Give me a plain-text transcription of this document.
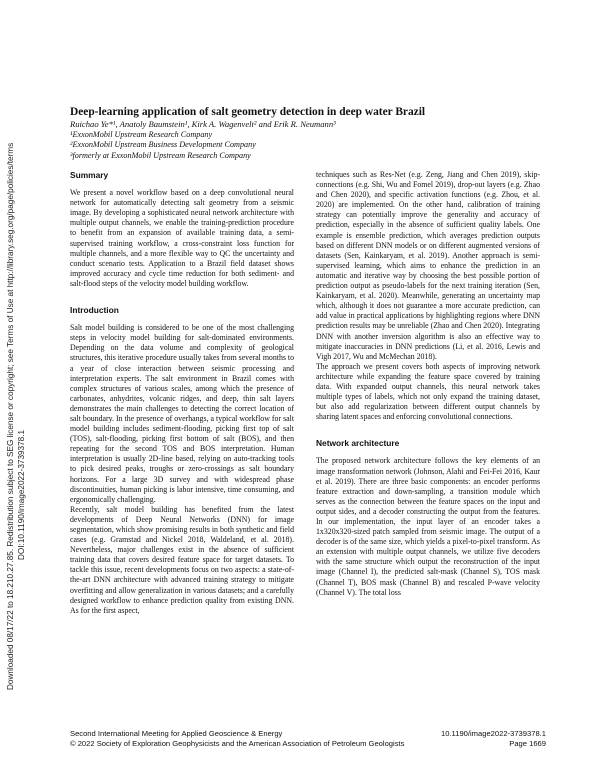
Downloaded 08/17/22 to 18.210.27.85. Redistribution subject to SEG license or copyright; see Terms of Use at http://library.seg.org/page/policies/terms DOI:10.1190/image2022-3739378.1
Deep-learning application of salt geometry detection in deep water Brazil
Ruichao Ye*¹, Anatoly Baumstein¹, Kirk A. Wagenvelt² and Erik R. Neumann³
¹ExxonMobil Upstream Research Company
²ExxonMobil Upstream Business Development Company
³formerly at ExxonMobil Upstream Research Company
Summary

We present a novel workflow based on a deep convolutional neural network for automatically detecting salt geometry from a seismic image. By developing a sophisticated neural network architecture with multiple output channels, we enable the training-prediction procedure to benefit from an expansion of available training data, a semi-supervised training workflow, a cross-constraint loss function for multiple channels, and a more flexible way to QC the uncertainty and conduct scenario tests. Application to a Brazil field dataset shows improved accuracy and cycle time reduction for both sediment- and salt-flood steps of the velocity model building workflow.

Introduction

Salt model building is considered to be one of the most challenging steps in velocity model building for salt-dominated environments. Depending on the data volume and complexity of geological structures, this iterative procedure usually takes from several months to a year of close interaction between seismic processing and interpretation experts. The salt environment in Brazil comes with complex structures of various scales, among which the presence of carbonates, anhydrites, volcanic ridges, and deep, thin salt layers demonstrates the main challenges to detecting the correct location of salt boundary. In the presence of overhangs, a typical workflow for salt model building includes sediment-flooding, picking first top of salt (TOS), salt-flooding, picking first bottom of salt (BOS), and then repeating for the second TOS and BOS interpretation. Human interpretation is usually 2D-line based, relying on auto-tracking tools to pick desired peaks, troughs or zero-crossings as salt boundary horizons. For a large 3D survey and with widespread phase discontinuities, human picking is labor intensive, time consuming, and ergonomically challenging.

Recently, salt model building has benefited from the latest developments of Deep Neural Networks (DNN) for image segmentation, which show promising results in both synthetic and field cases (e.g. Gramstad and Nickel 2018, Waldeland, et al. 2018). Nevertheless, major challenges exist in the absence of sufficient training data that covers desired feature space for target datasets. To tackle this issue, recent developments focus on two aspects: a state-of-the-art DNN architecture with advanced training strategy to mitigate overfitting and allow generalization in various datasets; and a carefully designed workflow to enhance prediction quality from existing DNN. As for the first aspect,

techniques such as Res-Net (e.g. Zeng, Jiang and Chen 2019), skip-connections (e.g. Shi, Wu and Fomel 2019), drop-out layers (e.g. Zhao and Chen 2020), and specific activation functions (e.g. Zhou, et al. 2020) are implemented. On the other hand, calibration of training strategy can potentially improve the generality and accuracy of prediction, especially in the absence of sufficient quality labels. One example is ensemble prediction, which averages prediction outputs based on different DNN models or on different augmented versions of datasets (Sen, Kainkaryam, et al. 2019). Another approach is semi-supervised learning, which aims to enhance the prediction in an automatic and iterative way by choosing the best possible portion of prediction output as pseudo-labels for the next training iteration (Sen, Kainkaryam, et al. 2020). Meanwhile, generating an uncertainty map which, although it does not guarantee a more accurate prediction, can add value in practical applications by highlighting regions where DNN prediction results may be unreliable (Zhao and Chen 2020). Integrating DNN with another inversion algorithm is also an effective way to mitigate inaccuracies in DNN predictions (Li, et al. 2016, Lewis and Vigh 2017, Wu and McMechan 2018).

The approach we present covers both aspects of improving network architecture while expanding the feature space covered by training data. With expanded output channels, this neural network takes multiple types of labels, which not only expand the training dataset, but also add regularization between different output channels by sharing latent spaces and enforcing convolutional connections.

Network architecture

The proposed network architecture follows the key elements of an image transformation network (Johnson, Alahi and Fei-Fei 2016, Kaur et al. 2019). There are three basic components: an encoder performs feature extraction and down-sampling, a transition module which serves as the connection between the feature spaces on the input and output sides, and a decoder constructing the output from the features. In our implementation, the input layer of an encoder takes a 1x320x320-sized patch sampled from seismic image. The output of a decoder is of the same size, which yields a pixel-to-pixel transform. As an extension with multiple output channels, we utilize five decoders with the same structure which output the reconstruction of the input image (Channel I), the predicted salt-mask (Channel S), TOS mask (Channel T), BOS mask (Channel B) and rescaled P-wave velocity (Channel V). The total loss

Second International Meeting for Applied Geoscience & Energy	10.1190/image2022-3739378.1
© 2022 Society of Exploration Geophysicists and the American Association of Petroleum Geologists	Page 1669
